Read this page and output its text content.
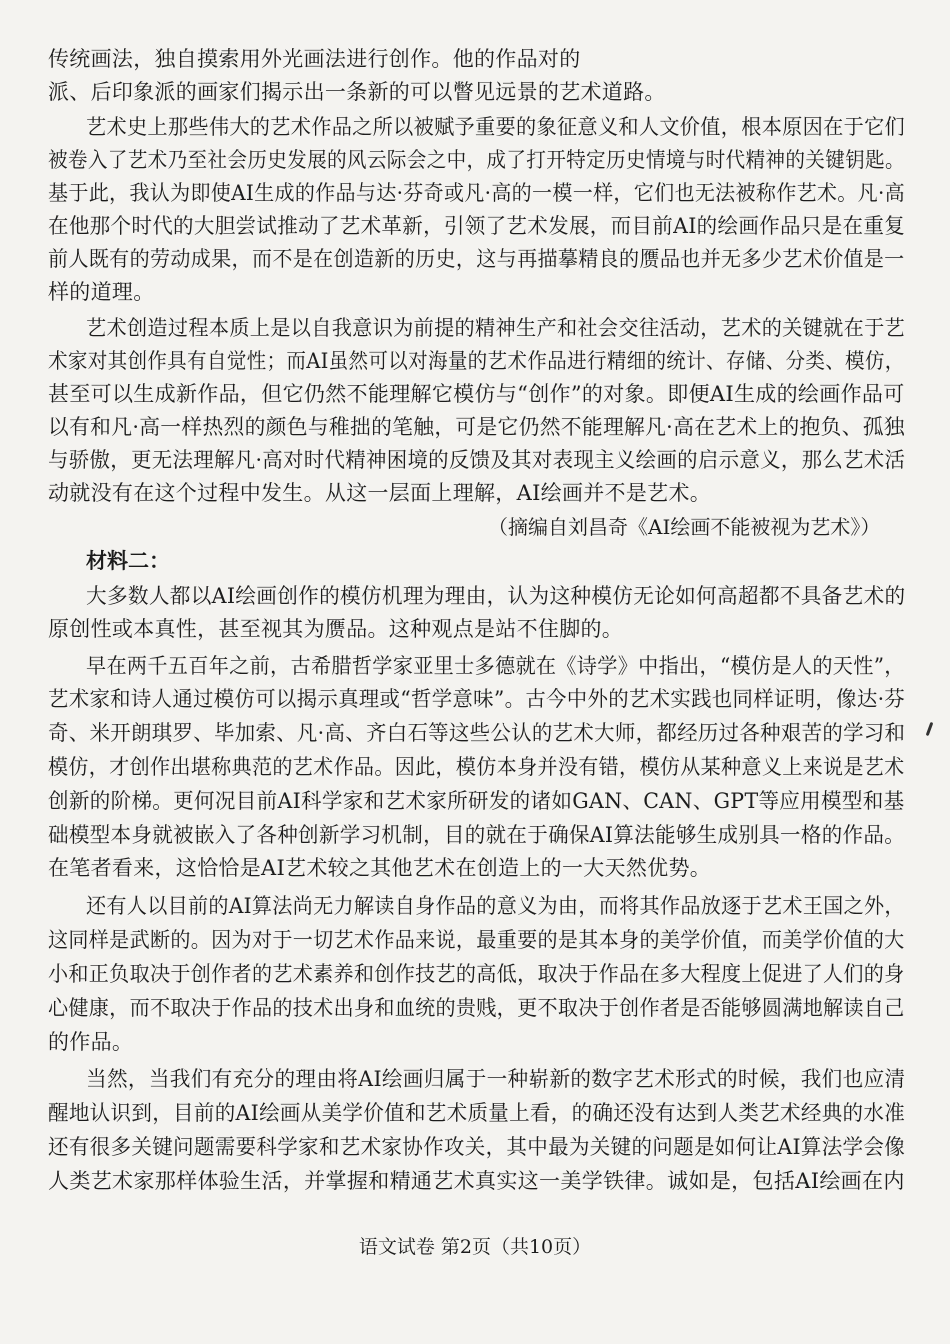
传统画法，独自摸索用外光画法进行创作。他的作品对的
派、后印象派的画家们揭示出一条新的可以瞥见远景的艺术道路。
艺术史上那些伟大的艺术作品之所以被赋予重要的象征意义和人文价值，根本原因在于它们
被卷入了艺术乃至社会历史发展的风云际会之中，成了打开特定历史情境与时代精神的关键钥匙。
基于此，我认为即使AI生成的作品与达·芬奇或凡·高的一模一样，它们也无法被称作艺术。凡·高
在他那个时代的大胆尝试推动了艺术革新，引领了艺术发展，而目前AI的绘画作品只是在重复
前人既有的劳动成果，而不是在创造新的历史，这与再描摹精良的赝品也并无多少艺术价值是一
样的道理。
艺术创造过程本质上是以自我意识为前提的精神生产和社会交往活动，艺术的关键就在于艺
术家对其创作具有自觉性；而AI虽然可以对海量的艺术作品进行精细的统计、存储、分类、模仿，
甚至可以生成新作品，但它仍然不能理解它模仿与“创作”的对象。即便AI生成的绘画作品可
以有和凡·高一样热烈的颜色与稚拙的笔触，可是它仍然不能理解凡·高在艺术上的抱负、孤独
与骄傲，更无法理解凡·高对时代精神困境的反馈及其对表现主义绘画的启示意义，那么艺术活
动就没有在这个过程中发生。从这一层面上理解，AI绘画并不是艺术。
（摘编自刘昌奇《AI绘画不能被视为艺术》）
材料二：
大多数人都以AI绘画创作的模仿机理为理由，认为这种模仿无论如何高超都不具备艺术的
原创性或本真性，甚至视其为赝品。这种观点是站不住脚的。
早在两千五百年之前，古希腊哲学家亚里士多德就在《诗学》中指出，“模仿是人的天性”，
艺术家和诗人通过模仿可以揭示真理或“哲学意味”。古今中外的艺术实践也同样证明，像达·芬
奇、米开朗琪罗、毕加索、凡·高、齐白石等这些公认的艺术大师，都经历过各种艰苦的学习和
模仿，才创作出堪称典范的艺术作品。因此，模仿本身并没有错，模仿从某种意义上来说是艺术
创新的阶梯。更何况目前AI科学家和艺术家所研发的诸如GAN、CAN、GPT等应用模型和基
础模型本身就被嵌入了各种创新学习机制，目的就在于确保AI算法能够生成别具一格的作品。
在笔者看来，这恰恰是AI艺术较之其他艺术在创造上的一大天然优势。
还有人以目前的AI算法尚无力解读自身作品的意义为由，而将其作品放逐于艺术王国之外，
这同样是武断的。因为对于一切艺术作品来说，最重要的是其本身的美学价值，而美学价值的大
小和正负取决于创作者的艺术素养和创作技艺的高低，取决于作品在多大程度上促进了人们的身
心健康，而不取决于作品的技术出身和血统的贵贱，更不取决于创作者是否能够圆满地解读自己
的作品。
当然，当我们有充分的理由将AI绘画归属于一种崭新的数字艺术形式的时候，我们也应清
醒地认识到，目前的AI绘画从美学价值和艺术质量上看，的确还没有达到人类艺术经典的水准
还有很多关键问题需要科学家和艺术家协作攻关，其中最为关键的问题是如何让AI算法学会像
人类艺术家那样体验生活，并掌握和精通艺术真实这一美学铁律。诚如是，包括AI绘画在内
语文试卷 第2页（共10页）
